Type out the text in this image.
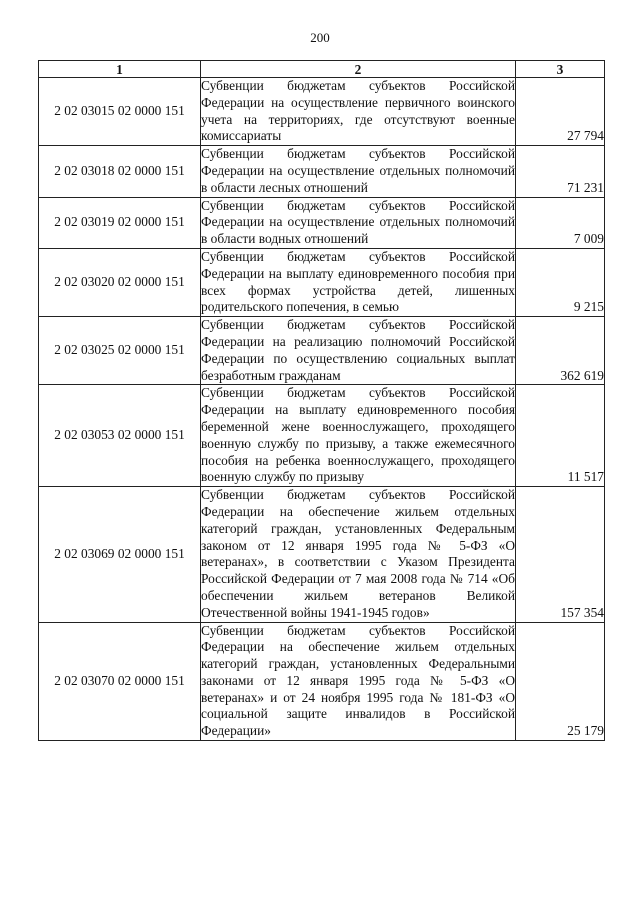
200
1	2	3
2 02 03015 02 0000 151	Субвенции бюджетам субъектов Российской Федерации на осуществление первичного воинского учета на территориях, где отсутствуют военные комиссариаты	27 794
2 02 03018 02 0000 151	Субвенции бюджетам субъектов Российской Федерации на осуществление отдельных полномочий в области лесных отношений	71 231
2 02 03019 02 0000 151	Субвенции бюджетам субъектов Российской Федерации на осуществление отдельных полномочий в области водных отношений	7 009
2 02 03020 02 0000 151	Субвенции бюджетам субъектов Российской Федерации на выплату единовременного пособия при всех формах устройства детей, лишенных родительского попечения, в семью	9 215
2 02 03025 02 0000 151	Субвенции бюджетам субъектов Российской Федерации на реализацию полномочий Российской Федерации по осуществлению социальных выплат безработным гражданам	362 619
2 02 03053 02 0000 151	Субвенции бюджетам субъектов Российской Федерации на выплату единовременного пособия беременной жене военнослужащего, проходящего военную службу по призыву, а также ежемесячного пособия на ребенка военнослужащего, проходящего военную службу по призыву	11 517
2 02 03069 02 0000 151	Субвенции бюджетам субъектов Российской Федерации на обеспечение жильем отдельных категорий граждан, установленных Федеральным законом от 12 января 1995 года № 5-ФЗ «О ветеранах», в соответствии с Указом Президента Российской Федерации от 7 мая 2008 года № 714 «Об обеспечении жильем ветеранов Великой Отечественной войны 1941-1945 годов»	157 354
2 02 03070 02 0000 151	Субвенции бюджетам субъектов Российской Федерации на обеспечение жильем отдельных категорий граждан, установленных Федеральными законами от 12 января 1995 года № 5-ФЗ «О ветеранах» и от 24 ноября 1995 года № 181-ФЗ «О социальной защите инвалидов в Российской Федерации»	25 179
